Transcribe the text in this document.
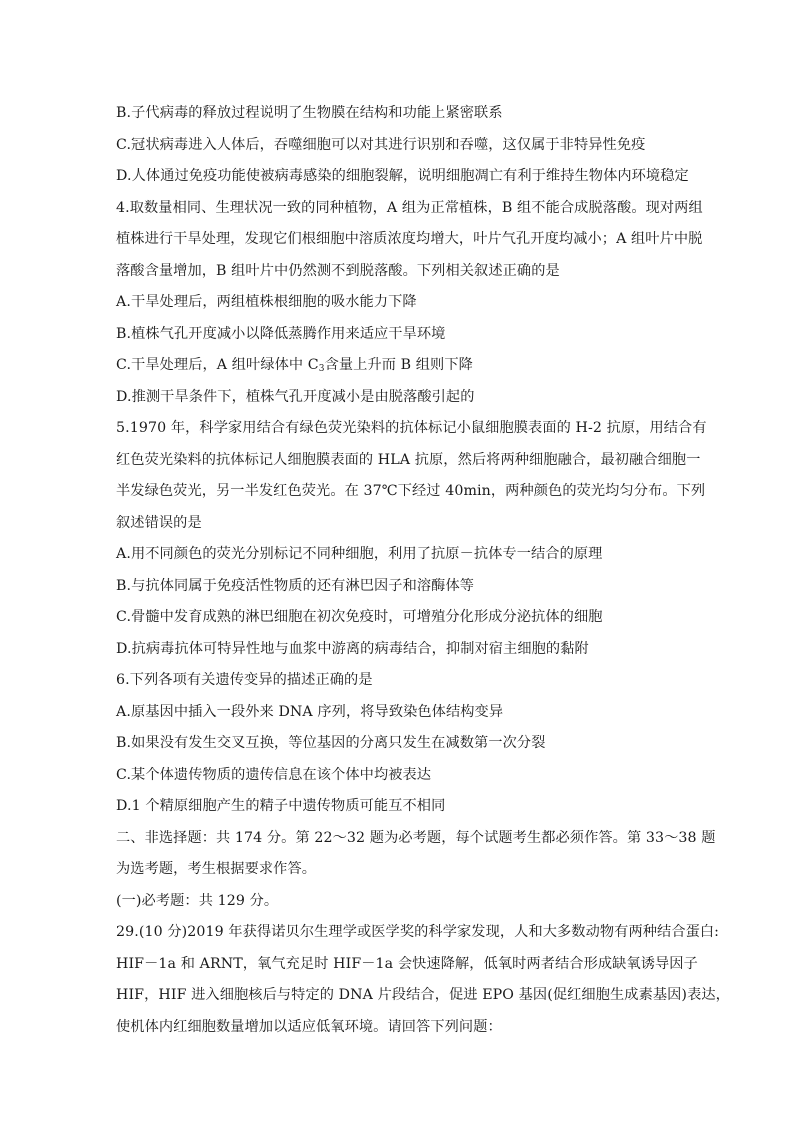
B.子代病毒的释放过程说明了生物膜在结构和功能上紧密联系
C.冠状病毒进入人体后，吞噬细胞可以对其进行识别和吞噬，这仅属于非特异性免疫
D.人体通过免疫功能使被病毒感染的细胞裂解，说明细胞凋亡有利于维持生物体内环境稳定
4.取数量相同、生理状况一致的同种植物，A 组为正常植株，B 组不能合成脱落酸。现对两组
植株进行干旱处理，发现它们根细胞中溶质浓度均增大，叶片气孔开度均减小；A 组叶片中脱
落酸含量增加，B 组叶片中仍然测不到脱落酸。下列相关叙述正确的是
A.干旱处理后，两组植株根细胞的吸水能力下降
B.植株气孔开度减小以降低蒸腾作用来适应干旱环境
C.干旱处理后，A 组叶绿体中 $C_3$含量上升而 B 组则下降
D.推测干旱条件下，植株气孔开度减小是由脱落酸引起的
5.1970 年，科学家用结合有绿色荧光染料的抗体标记小鼠细胞膜表面的 H-2 抗原，用结合有
红色荧光染料的抗体标记人细胞膜表面的 HLA 抗原，然后将两种细胞融合，最初融合细胞一
半发绿色荧光，另一半发红色荧光。在 37℃下经过 40min，两种颜色的荧光均匀分布。下列
叙述错误的是
A.用不同颜色的荧光分别标记不同种细胞，利用了抗原－抗体专一结合的原理
B.与抗体同属于免疫活性物质的还有淋巴因子和溶酶体等
C.骨髓中发育成熟的淋巴细胞在初次免疫时，可增殖分化形成分泌抗体的细胞
D.抗病毒抗体可特异性地与血浆中游离的病毒结合，抑制对宿主细胞的黏附
6.下列各项有关遗传变异的描述正确的是
A.原基因中插入一段外来 DNA 序列，将导致染色体结构变异
B.如果没有发生交叉互换，等位基因的分离只发生在减数第一次分裂
C.某个体遗传物质的遗传信息在该个体中均被表达
D.1 个精原细胞产生的精子中遗传物质可能互不相同
二、非选择题：共 174 分。第 22～32 题为必考题，每个试题考生都必须作答。第 33～38 题
为选考题，考生根据要求作答。
(一)必考题：共 129 分。
29.(10 分)2019 年获得诺贝尔生理学或医学奖的科学家发现，人和大多数动物有两种结合蛋白:
HIF－1a 和 ARNT，氧气充足时 HIF－1a 会快速降解，低氧时两者结合形成缺氧诱导因子
HIF，HIF 进入细胞核后与特定的 DNA 片段结合，促进 EPO 基因(促红细胞生成素基因)表达，
使机体内红细胞数量增加以适应低氧环境。请回答下列问题：
